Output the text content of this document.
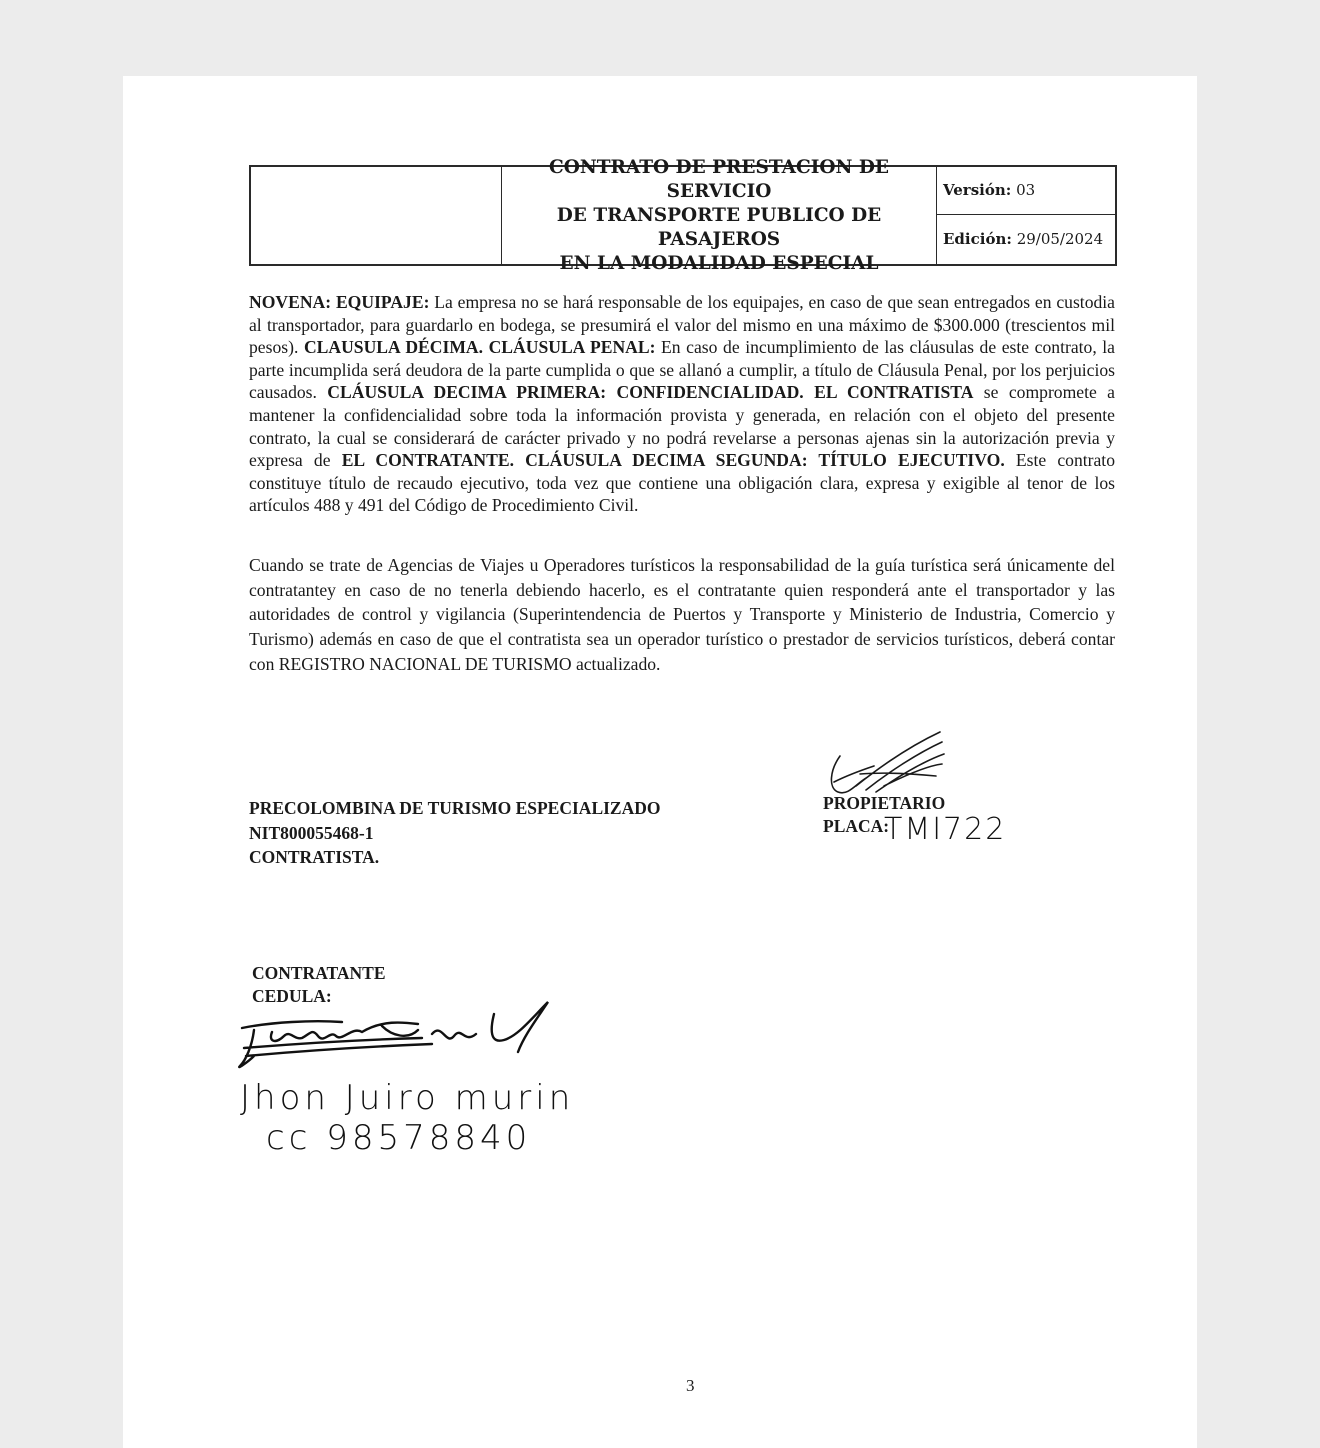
CONTRATO DE PRESTACION DE SERVICIO
DE TRANSPORTE PUBLICO DE PASAJEROS
EN LA MODALIDAD ESPECIAL
Versión: 03
Edición: 29/05/2024
NOVENA: EQUIPAJE: La empresa no se hará responsable de los equipajes, en caso de que sean entregados en custodia al transportador, para guardarlo en bodega, se presumirá el valor del mismo en una máximo de $300.000 (trescientos mil pesos). CLAUSULA DÉCIMA. CLÁUSULA PENAL: En caso de incumplimiento de las cláusulas de este contrato, la parte incumplida será deudora de la parte cumplida o que se allanó a cumplir, a título de Cláusula Penal, por los perjuicios causados. CLÁUSULA DECIMA PRIMERA: CONFIDENCIALIDAD. EL CONTRATISTA se compromete a mantener la confidencialidad sobre toda la información provista y generada, en relación con el objeto del presente contrato, la cual se considerará de carácter privado y no podrá revelarse a personas ajenas sin la autorización previa y expresa de EL CONTRATANTE. CLÁUSULA DECIMA SEGUNDA: TÍTULO EJECUTIVO. Este contrato constituye título de recaudo ejecutivo, toda vez que contiene una obligación clara, expresa y exigible al tenor de los artículos 488 y 491 del Código de Procedimiento Civil.
Cuando se trate de Agencias de Viajes u Operadores turísticos la responsabilidad de la guía turística será únicamente del contratantey en caso de no tenerla debiendo hacerlo, es el contratante quien responderá ante el transportador y las autoridades de control y vigilancia (Superintendencia de Puertos y Transporte y Ministerio de Industria, Comercio y Turismo) además en caso de que el contratista sea un operador turístico o prestador de servicios turísticos, deberá contar con REGISTRO NACIONAL DE TURISMO actualizado.
PRECOLOMBINA DE TURISMO ESPECIALIZADO
NIT800055468-1
CONTRATISTA.
PROPIETARIO
PLACA:
TMI722
CONTRATANTE
CEDULA:
Jhon Juiro murin
cc 98578840
3
